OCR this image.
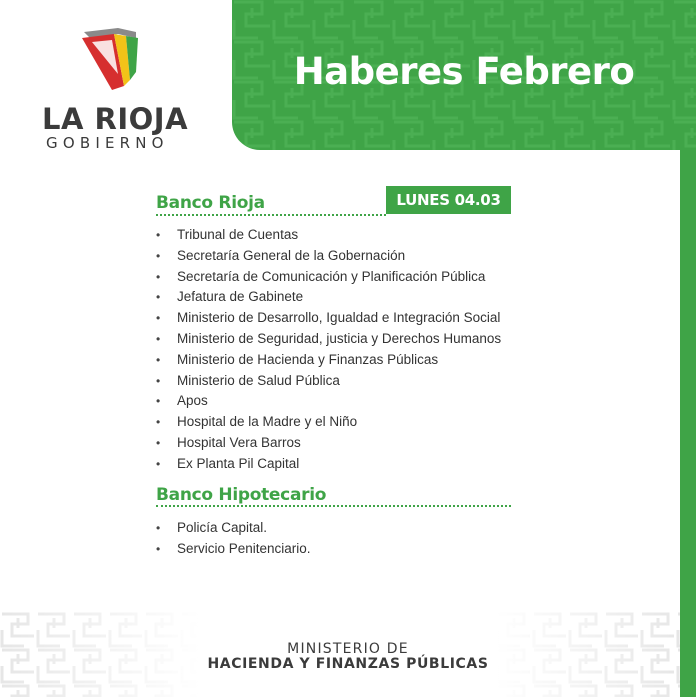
Haberes Febrero
LA RIOJA
GOBIERNO
Banco Rioja	LUNES 04.03
•	Tribunal de Cuentas
•	Secretaría General de la Gobernación
•	Secretaría de Comunicación y Planificación Pública
•	Jefatura de Gabinete
•	Ministerio de Desarrollo, Igualdad e Integración Social
•	Ministerio de Seguridad, justicia y Derechos Humanos
•	Ministerio de Hacienda y Finanzas Públicas
•	Ministerio de Salud Pública
•	Apos
•	Hospital de la Madre y el Niño
•	Hospital Vera Barros
•	Ex Planta Pil Capital
Banco Hipotecario
•	Policía Capital.
•	Servicio Penitenciario.
MINISTERIO DE
HACIENDA Y FINANZAS PÚBLICAS
